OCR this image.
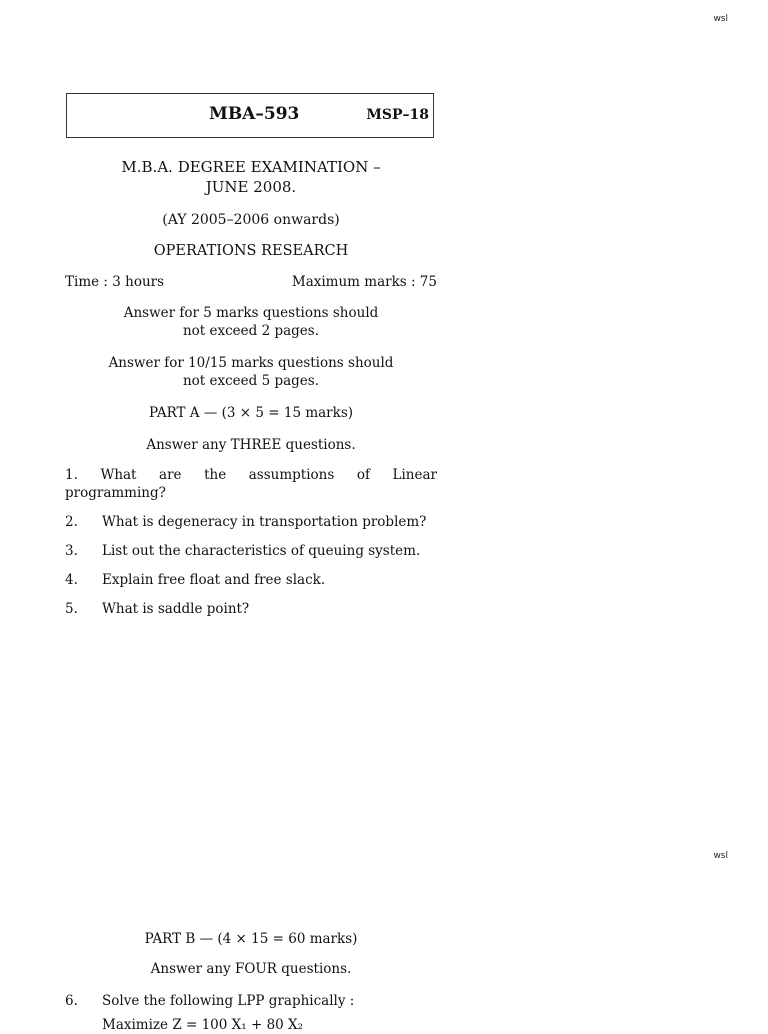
wsl
MBA–593	MSP–18
M.B.A. DEGREE EXAMINATION –
JUNE 2008.
(AY 2005–2006 onwards)
OPERATIONS RESEARCH
Time : 3 hours	Maximum marks : 75
Answer for 5 marks questions should
not exceed 2 pages.
Answer for 10/15 marks questions should
not exceed 5 pages.
PART A — (3 × 5 = 15 marks)
Answer any THREE questions.
1. What are the assumptions of Linear
programming?
2. What is degeneracy in transportation problem?
3. List out the characteristics of queuing system.
4. Explain free float and free slack.
5. What is saddle point?
wsl
PART B — (4 × 15 = 60 marks)
Answer any FOUR questions.
6. Solve the following LPP graphically :
Maximize Z = 100 X₁ + 80 X₂
